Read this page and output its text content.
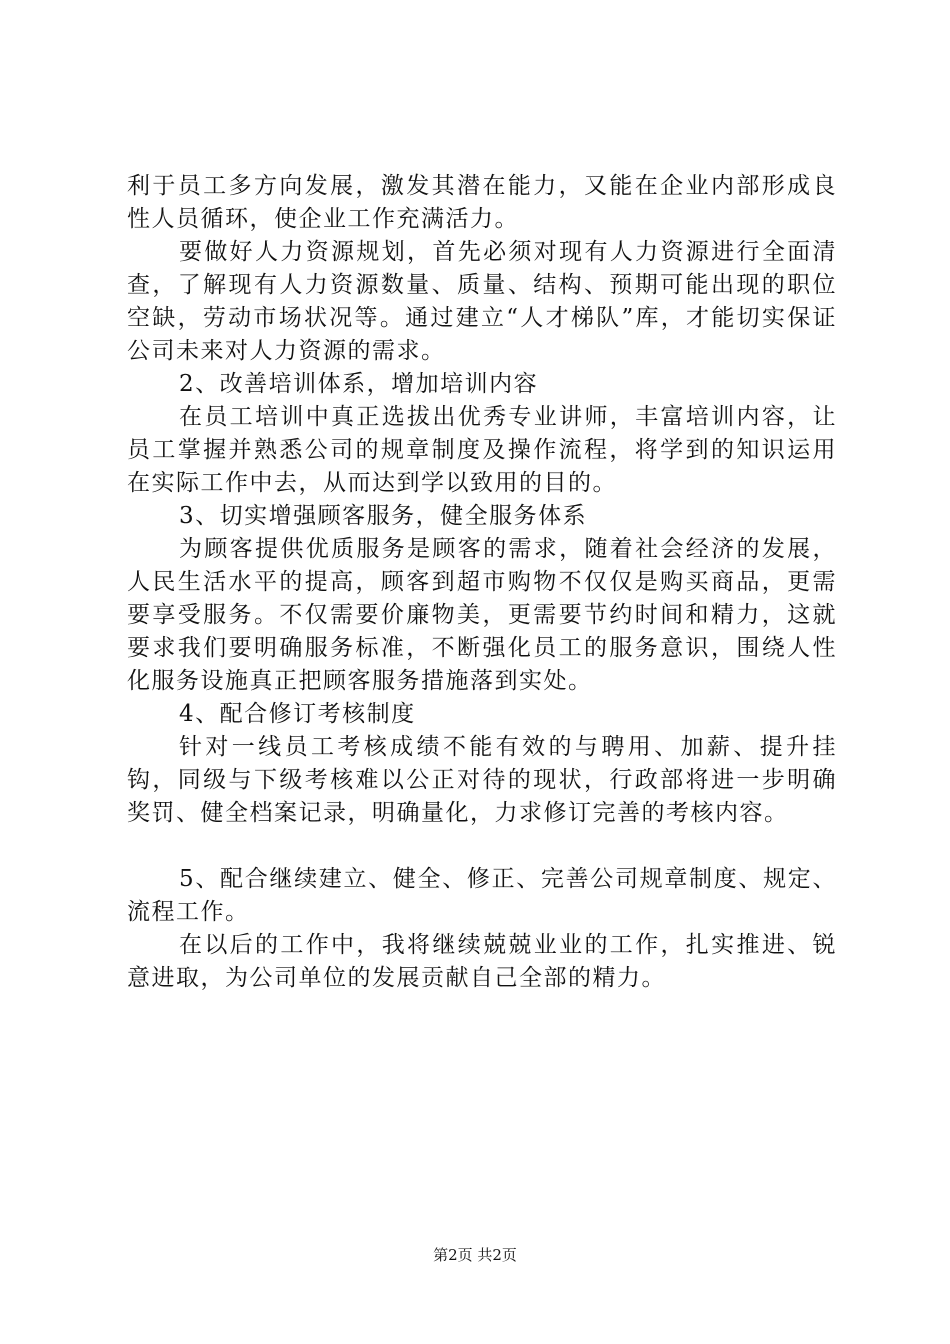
利于员工多方向发展，激发其潜在能力，又能在企业内部形成良性人员循环，使企业工作充满活力。

要做好人力资源规划，首先必须对现有人力资源进行全面清查，了解现有人力资源数量、质量、结构、预期可能出现的职位空缺，劳动市场状况等。通过建立“人才梯队”库，才能切实保证公司未来对人力资源的需求。

2、改善培训体系，增加培训内容

在员工培训中真正选拔出优秀专业讲师，丰富培训内容，让员工掌握并熟悉公司的规章制度及操作流程，将学到的知识运用在实际工作中去，从而达到学以致用的目的。

3、切实增强顾客服务，健全服务体系

为顾客提供优质服务是顾客的需求，随着社会经济的发展，人民生活水平的提高，顾客到超市购物不仅仅是购买商品，更需要享受服务。不仅需要价廉物美，更需要节约时间和精力，这就要求我们要明确服务标准，不断强化员工的服务意识，围绕人性化服务设施真正把顾客服务措施落到实处。

4、配合修订考核制度

针对一线员工考核成绩不能有效的与聘用、加薪、提升挂钩，同级与下级考核难以公正对待的现状，行政部将进一步明确奖罚、健全档案记录，明确量化，力求修订完善的考核内容。

5、配合继续建立、健全、修正、完善公司规章制度、规定、流程工作。

在以后的工作中，我将继续兢兢业业的工作，扎实推进、锐意进取，为公司单位的发展贡献自己全部的精力。

第2页 共2页
